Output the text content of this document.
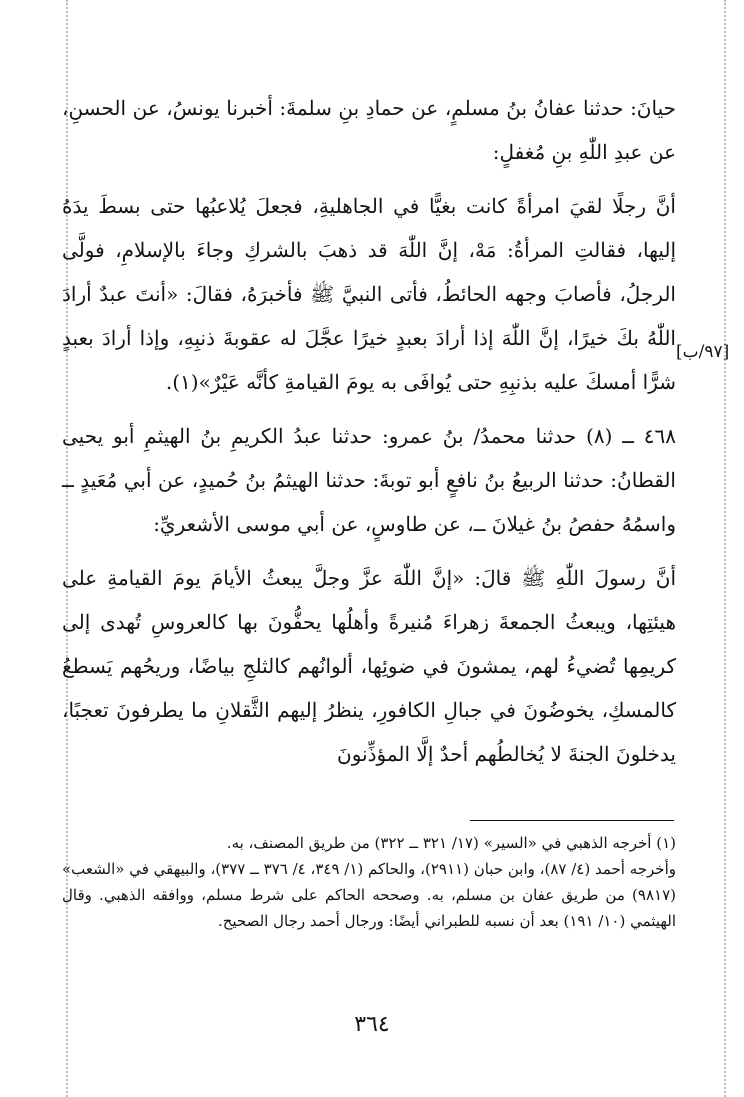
حيانَ: حدثنا عفانُ بنُ مسلمٍ، عن حمادِ بنِ سلمةَ: أخبرنا يونسُ، عن الحسنِ، عن عبدِ اللّٰهِ بنِ مُغفلٍ:

أنَّ رجلًا لقيَ امرأةً كانت بغيًّا في الجاهليةِ، فجعلَ يُلاعبُها حتى بسطَ يدَهُ إليها، فقالتِ المرأةُ: مَهْ، إنَّ اللّٰهَ قد ذهبَ بالشركِ وجاءَ بالإسلامِ، فولَّى الرجلُ، فأصابَ وجهه الحائطُ، فأتى النبيَّ ﷺ فأخبرَهُ، فقالَ: «أنتَ عبدٌ أرادَ اللّٰهُ بكَ خيرًا، إنَّ اللّٰهَ إذا أرادَ بعبدٍ خيرًا عجَّلَ له عقوبةَ ذنبِهِ، وإذا أرادَ بعبدٍ شرًّا أمسكَ عليه بذنبِهِ حتى يُوافَى به يومَ القيامةِ كأنَّه عَيْرٌ»(١).

٤٦٨ ــ (٨) حدثنا محمدُ/ بنُ عمرو: حدثنا عبدُ الكريمِ بنُ الهيثمِ أبو يحيى القطانُ: حدثنا الربيعُ بنُ نافعٍ أبو توبةَ: حدثنا الهيثمُ بنُ حُميدٍ، عن أبي مُعَيدٍ ــ واسمُهُ حفصُ بنُ غيلانَ ــ، عن طاوسٍ، عن أبي موسى الأشعريِّ:

أنَّ رسولَ اللّٰهِ ﷺ قالَ: «إنَّ اللّٰهَ عزَّ وجلَّ يبعثُ الأيامَ يومَ القيامةِ على هيئتِها، ويبعثُ الجمعةَ زهراءَ مُنيرةً وأهلُها يحفُّونَ بها كالعروسِ تُهدى إلى كريمِها تُضيءُ لهم، يمشونَ في ضوئِها، ألوانُهم كالثلجِ بياضًا، وريحُهم يَسطعُ كالمسكِ، يخوضُونَ في جبالِ الكافورِ، ينظرُ إليهم الثَّقلانِ ما يطرفونَ تعجبًا، يدخلونَ الجنةَ لا يُخالطُهم أحدٌ إلَّا المؤذِّنونَ

[٩٧/ب]

(١) أخرجه الذهبي في «السير» (١٧/ ٣٢١ ــ ٣٢٢) من طريق المصنف، به.

وأخرجه أحمد (٤/ ٨٧)، وابن حبان (٢٩١١)، والحاكم (١/ ٣٤٩، ٤/ ٣٧٦ ــ ٣٧٧)، والبيهقي في «الشعب» (٩٨١٧) من طريق عفان بن مسلم، به. وصححه الحاكم على شرط مسلم، ووافقه الذهبي. وقال الهيثمي (١٠/ ١٩١) بعد أن نسبه للطبراني أيضًا: ورجال أحمد رجال الصحيح.

٣٦٤
